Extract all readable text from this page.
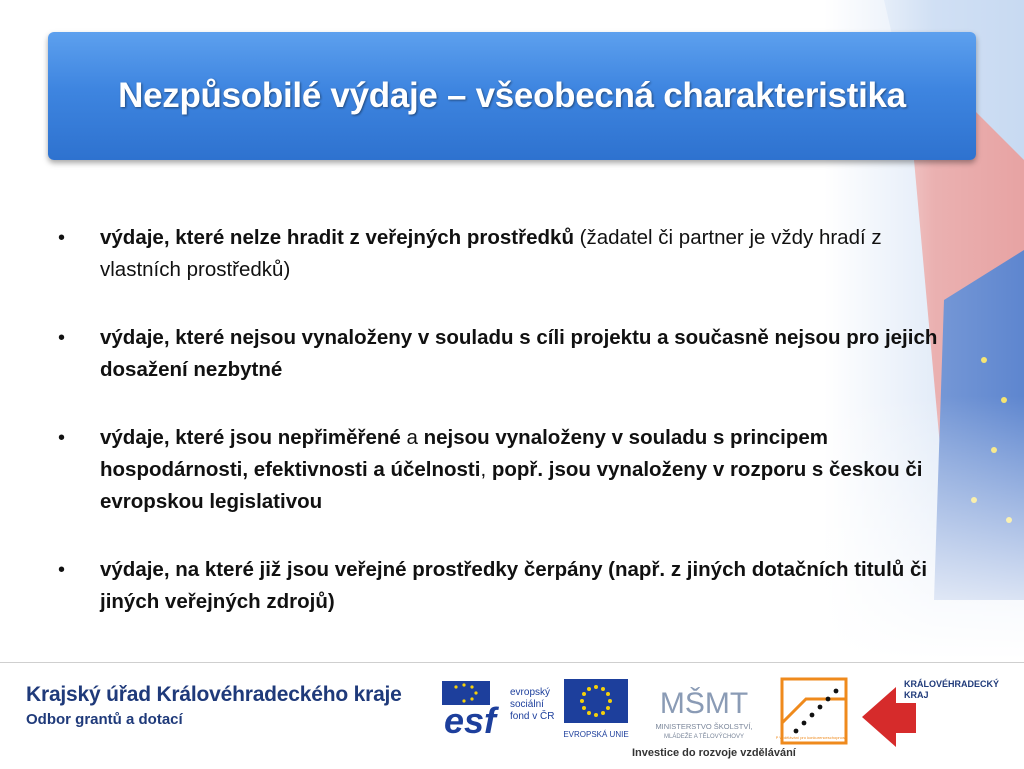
Nezpůsobilé výdaje – všeobecná charakteristika
•	výdaje, které nelze hradit z veřejných prostředků (žadatel či partner je vždy hradí z vlastních prostředků)
•	výdaje, které nejsou vynaloženy v souladu s cíli projektu a současně nejsou pro jejich dosažení nezbytné
•	výdaje, které jsou nepřiměřené a nejsou vynaloženy v souladu s principem hospodárnosti, efektivnosti a účelnosti, popř. jsou vynaloženy v rozporu s českou či evropskou legislativou
•	výdaje, na které již jsou veřejné prostředky čerpány (např. z jiných dotačních titulů či jiných veřejných zdrojů)
Krajský úřad Královéhradeckého kraje
Odbor grantů a dotací	esf
evropský
sociální
fond v ČR
EVROPSKÁ UNIE
MŠMT
MINISTERSTVO ŠKOLSTVÍ,
MLÁDEŽE A TĚLOVÝCHOVY	OP Vzdělávání pro konkurenceschopnost
KRÁLOVÉHRADECKÝ
KRAJ
Investice do rozvoje vzdělávání
